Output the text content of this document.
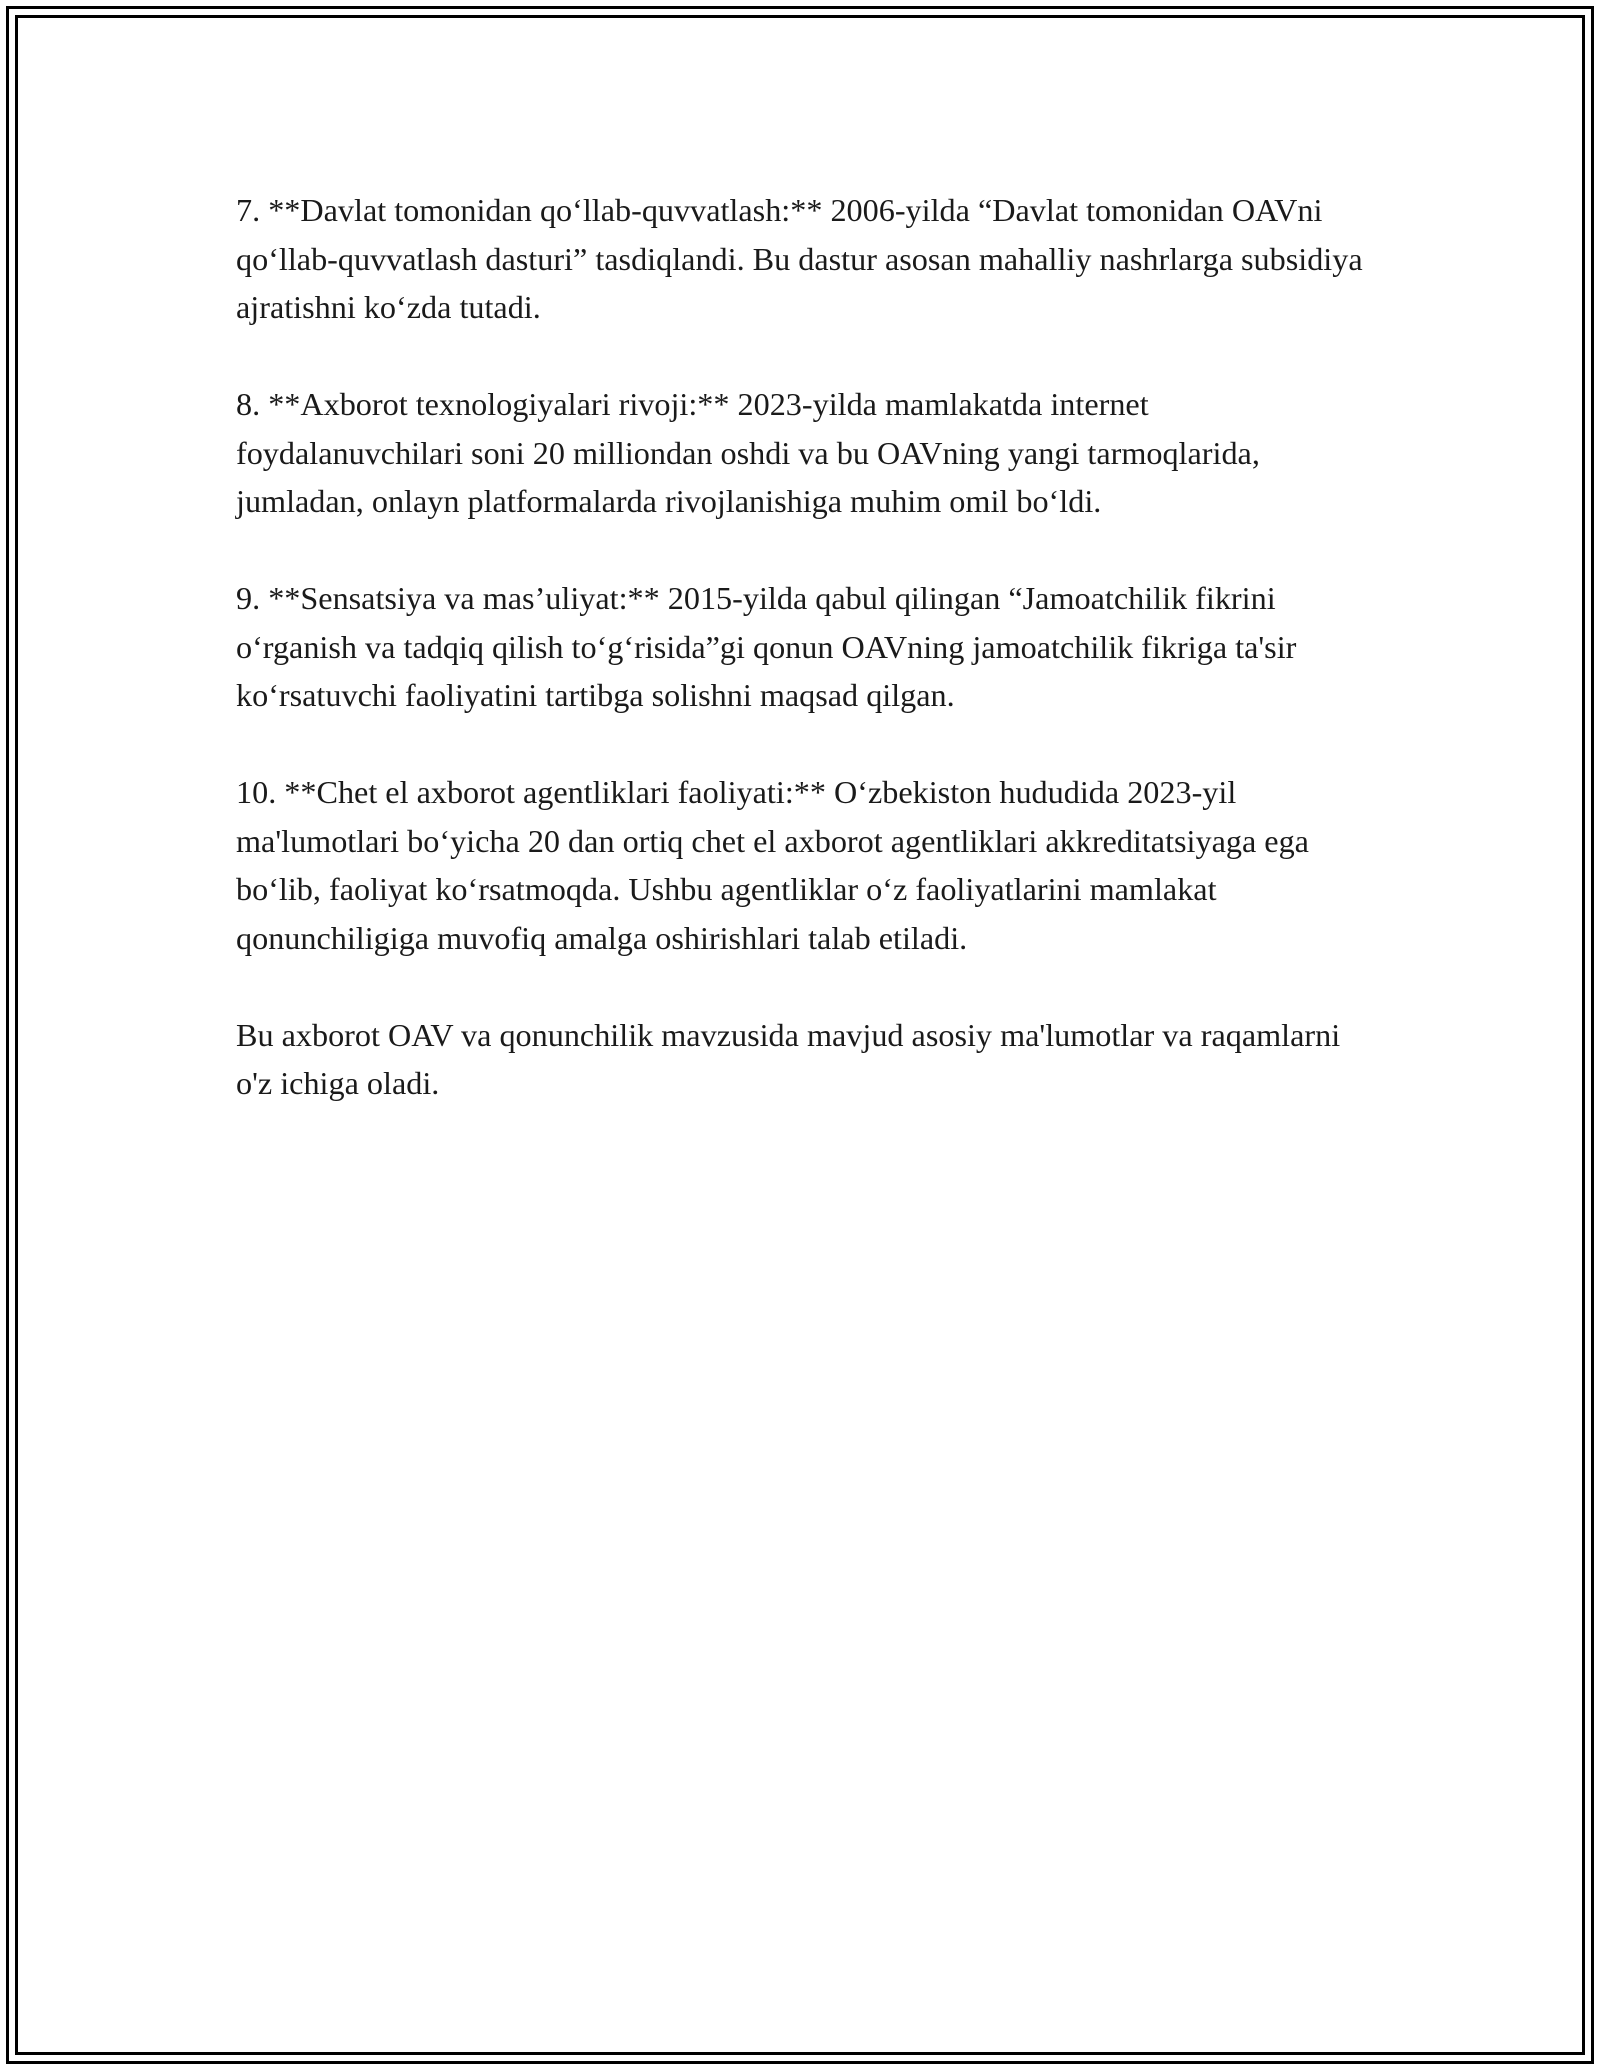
7. **Davlat tomonidan qo‘llab-quvvatlash:** 2006-yilda “Davlat tomonidan OAVni qo‘llab-quvvatlash dasturi” tasdiqlandi. Bu dastur asosan mahalliy nashrlarga subsidiya ajratishni ko‘zda tutadi.

8. **Axborot texnologiyalari rivoji:** 2023-yilda mamlakatda internet foydalanuvchilari soni 20 milliondan oshdi va bu OAVning yangi tarmoqlarida, jumladan, onlayn platformalarda rivojlanishiga muhim omil bo‘ldi.

9. **Sensatsiya va mas’uliyat:** 2015-yilda qabul qilingan “Jamoatchilik fikrini o‘rganish va tadqiq qilish to‘g‘risida”gi qonun OAVning jamoatchilik fikriga ta'sir ko‘rsatuvchi faoliyatini tartibga solishni maqsad qilgan.

10. **Chet el axborot agentliklari faoliyati:** O‘zbekiston hududida 2023-yil ma'lumotlari bo‘yicha 20 dan ortiq chet el axborot agentliklari akkreditatsiyaga ega bo‘lib, faoliyat ko‘rsatmoqda. Ushbu agentliklar o‘z faoliyatlarini mamlakat qonunchiligiga muvofiq amalga oshirishlari talab etiladi.

Bu axborot OAV va qonunchilik mavzusida mavjud asosiy ma'lumotlar va raqamlarni o'z ichiga oladi.
